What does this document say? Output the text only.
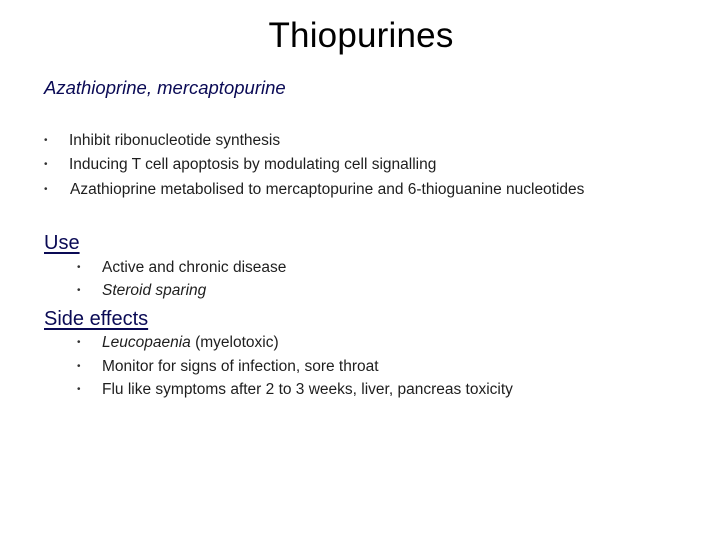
Thiopurines
Azathioprine, mercaptopurine
• Inhibit ribonucleotide synthesis
• Inducing T cell apoptosis by modulating cell signalling
• Azathioprine metabolised to mercaptopurine and 6-thioguanine nucleotides
Use
• Active and chronic disease
• Steroid sparing
Side effects
• Leucopaenia (myelotoxic)
• Monitor for signs of infection, sore throat
• Flu like symptoms after 2 to 3 weeks, liver, pancreas toxicity
